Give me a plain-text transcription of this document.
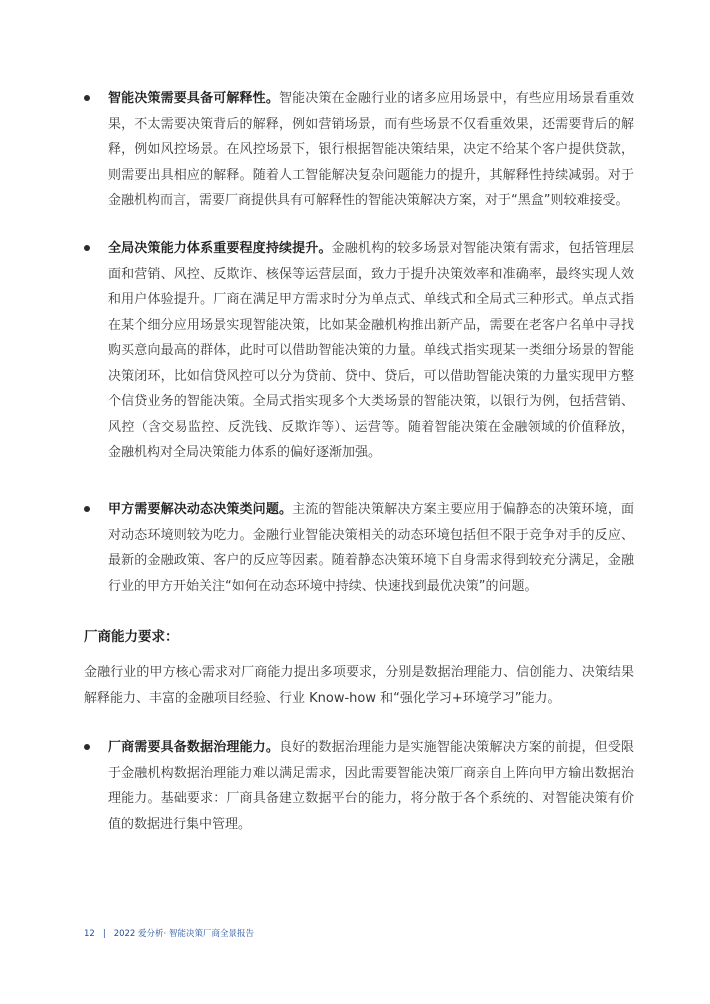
智能决策需要具备可解释性。智能决策在金融行业的诸多应用场景中，有些应用场景看重效果，不太需要决策背后的解释，例如营销场景，而有些场景不仅看重效果，还需要背后的解释，例如风控场景。在风控场景下，银行根据智能决策结果，决定不给某个客户提供贷款，则需要出具相应的解释。随着人工智能解决复杂问题能力的提升，其解释性持续减弱。对于金融机构而言，需要厂商提供具有可解释性的智能决策解决方案，对于“黑盒”则较难接受。
全局决策能力体系重要程度持续提升。金融机构的较多场景对智能决策有需求，包括管理层面和营销、风控、反欺诈、核保等运营层面，致力于提升决策效率和准确率，最终实现人效和用户体验提升。厂商在满足甲方需求时分为单点式、单线式和全局式三种形式。单点式指在某个细分应用场景实现智能决策，比如某金融机构推出新产品，需要在老客户名单中寻找购买意向最高的群体，此时可以借助智能决策的力量。单线式指实现某一类细分场景的智能决策闭环，比如信贷风控可以分为贷前、贷中、贷后，可以借助智能决策的力量实现甲方整个信贷业务的智能决策。全局式指实现多个大类场景的智能决策，以银行为例，包括营销、风控（含交易监控、反洗钱、反欺诈等）、运营等。随着智能决策在金融领域的价值释放，金融机构对全局决策能力体系的偏好逐渐加强。
甲方需要解决动态决策类问题。主流的智能决策解决方案主要应用于偏静态的决策环境，面对动态环境则较为吃力。金融行业智能决策相关的动态环境包括但不限于竞争对手的反应、最新的金融政策、客户的反应等因素。随着静态决策环境下自身需求得到较充分满足，金融行业的甲方开始关注“如何在动态环境中持续、快速找到最优决策”的问题。
厂商能力要求：
金融行业的甲方核心需求对厂商能力提出多项要求，分别是数据治理能力、信创能力、决策结果解释能力、丰富的金融项目经验、行业 Know-how 和“强化学习+环境学习”能力。
厂商需要具备数据治理能力。良好的数据治理能力是实施智能决策解决方案的前提，但受限于金融机构数据治理能力难以满足需求，因此需要智能决策厂商亲自上阵向甲方输出数据治理能力。基础要求：厂商具备建立数据平台的能力，将分散于各个系统的、对智能决策有价值的数据进行集中管理。
12 | 2022 爱分析· 智能决策厂商全景报告
